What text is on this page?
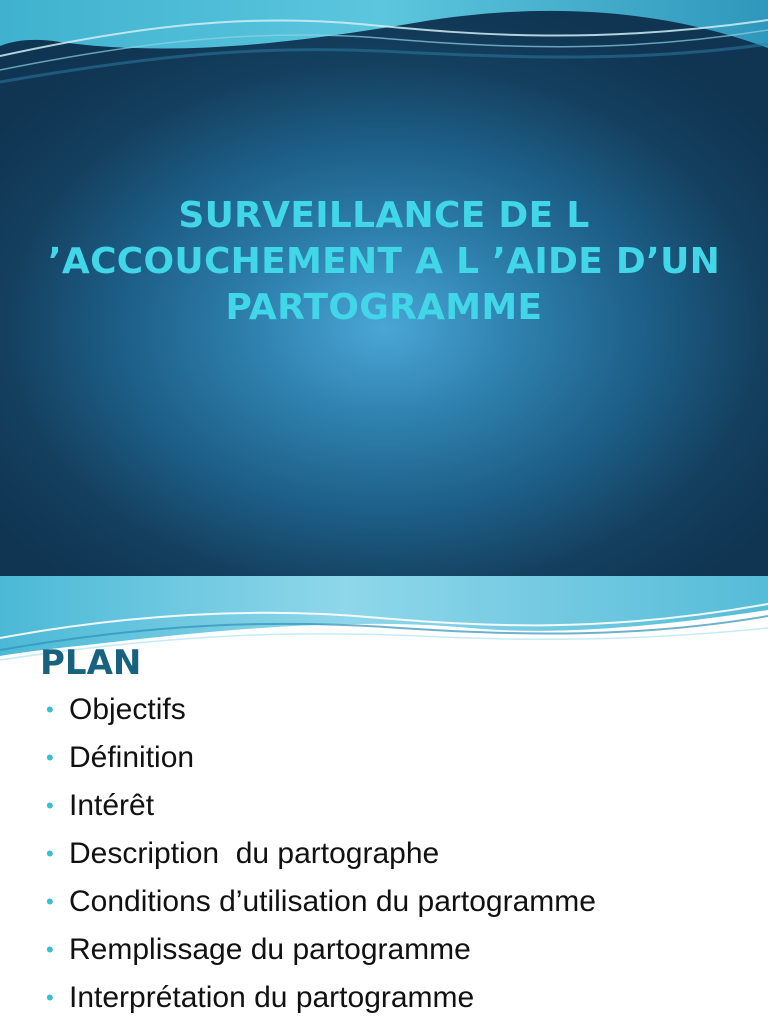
SURVEILLANCE DE L
’ACCOUCHEMENT A L ’AIDE D’UN
PARTOGRAMME
PLAN
• Objectifs
• Définition
• Intérêt
• Description  du partographe
• Conditions d’utilisation du partogramme
• Remplissage du partogramme
• Interprétation du partogramme
